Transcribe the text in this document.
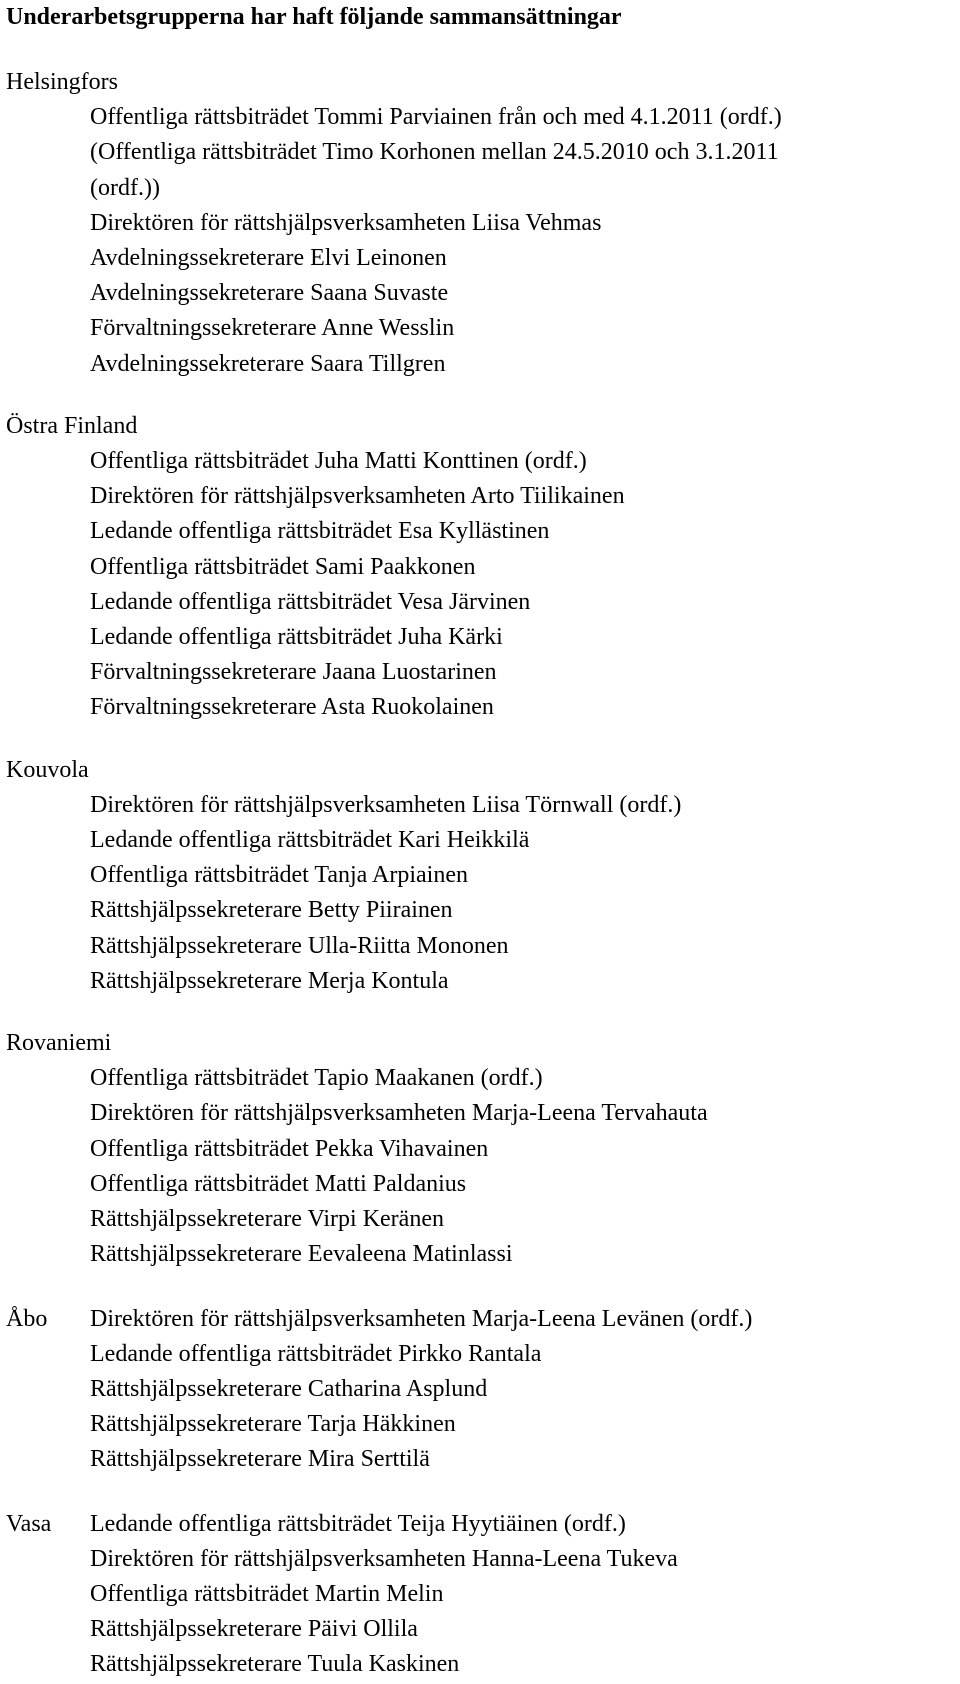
Underarbetsgrupperna har haft följande sammansättningar
Helsingfors
Offentliga rättsbiträdet Tommi Parviainen från och med 4.1.2011 (ordf.)
(Offentliga rättsbiträdet Timo Korhonen mellan 24.5.2010 och 3.1.2011
(ordf.))
Direktören för rättshjälpsverksamheten Liisa Vehmas
Avdelningssekreterare Elvi Leinonen
Avdelningssekreterare Saana Suvaste
Förvaltningssekreterare Anne Wesslin
Avdelningssekreterare Saara Tillgren
Östra Finland
Offentliga rättsbiträdet Juha Matti Konttinen (ordf.)
Direktören för rättshjälpsverksamheten Arto Tiilikainen
Ledande offentliga rättsbiträdet Esa Kyllästinen
Offentliga rättsbiträdet Sami Paakkonen
Ledande offentliga rättsbiträdet Vesa Järvinen
Ledande offentliga rättsbiträdet Juha Kärki
Förvaltningssekreterare Jaana Luostarinen
Förvaltningssekreterare Asta Ruokolainen
Kouvola
Direktören för rättshjälpsverksamheten Liisa Törnwall (ordf.)
Ledande offentliga rättsbiträdet Kari Heikkilä
Offentliga rättsbiträdet Tanja Arpiainen
Rättshjälpssekreterare Betty Piirainen
Rättshjälpssekreterare Ulla-Riitta Mononen
Rättshjälpssekreterare Merja Kontula
Rovaniemi
Offentliga rättsbiträdet Tapio Maakanen (ordf.)
Direktören för rättshjälpsverksamheten Marja-Leena Tervahauta
Offentliga rättsbiträdet Pekka Vihavainen
Offentliga rättsbiträdet Matti Paldanius
Rättshjälpssekreterare Virpi Keränen
Rättshjälpssekreterare Eevaleena Matinlassi
Åbo	Direktören för rättshjälpsverksamheten Marja-Leena Levänen (ordf.)
Ledande offentliga rättsbiträdet Pirkko Rantala
Rättshjälpssekreterare Catharina Asplund
Rättshjälpssekreterare Tarja Häkkinen
Rättshjälpssekreterare Mira Serttilä
Vasa	Ledande offentliga rättsbiträdet Teija Hyytiäinen (ordf.)
Direktören för rättshjälpsverksamheten Hanna-Leena Tukeva
Offentliga rättsbiträdet Martin Melin
Rättshjälpssekreterare Päivi Ollila
Rättshjälpssekreterare Tuula Kaskinen
